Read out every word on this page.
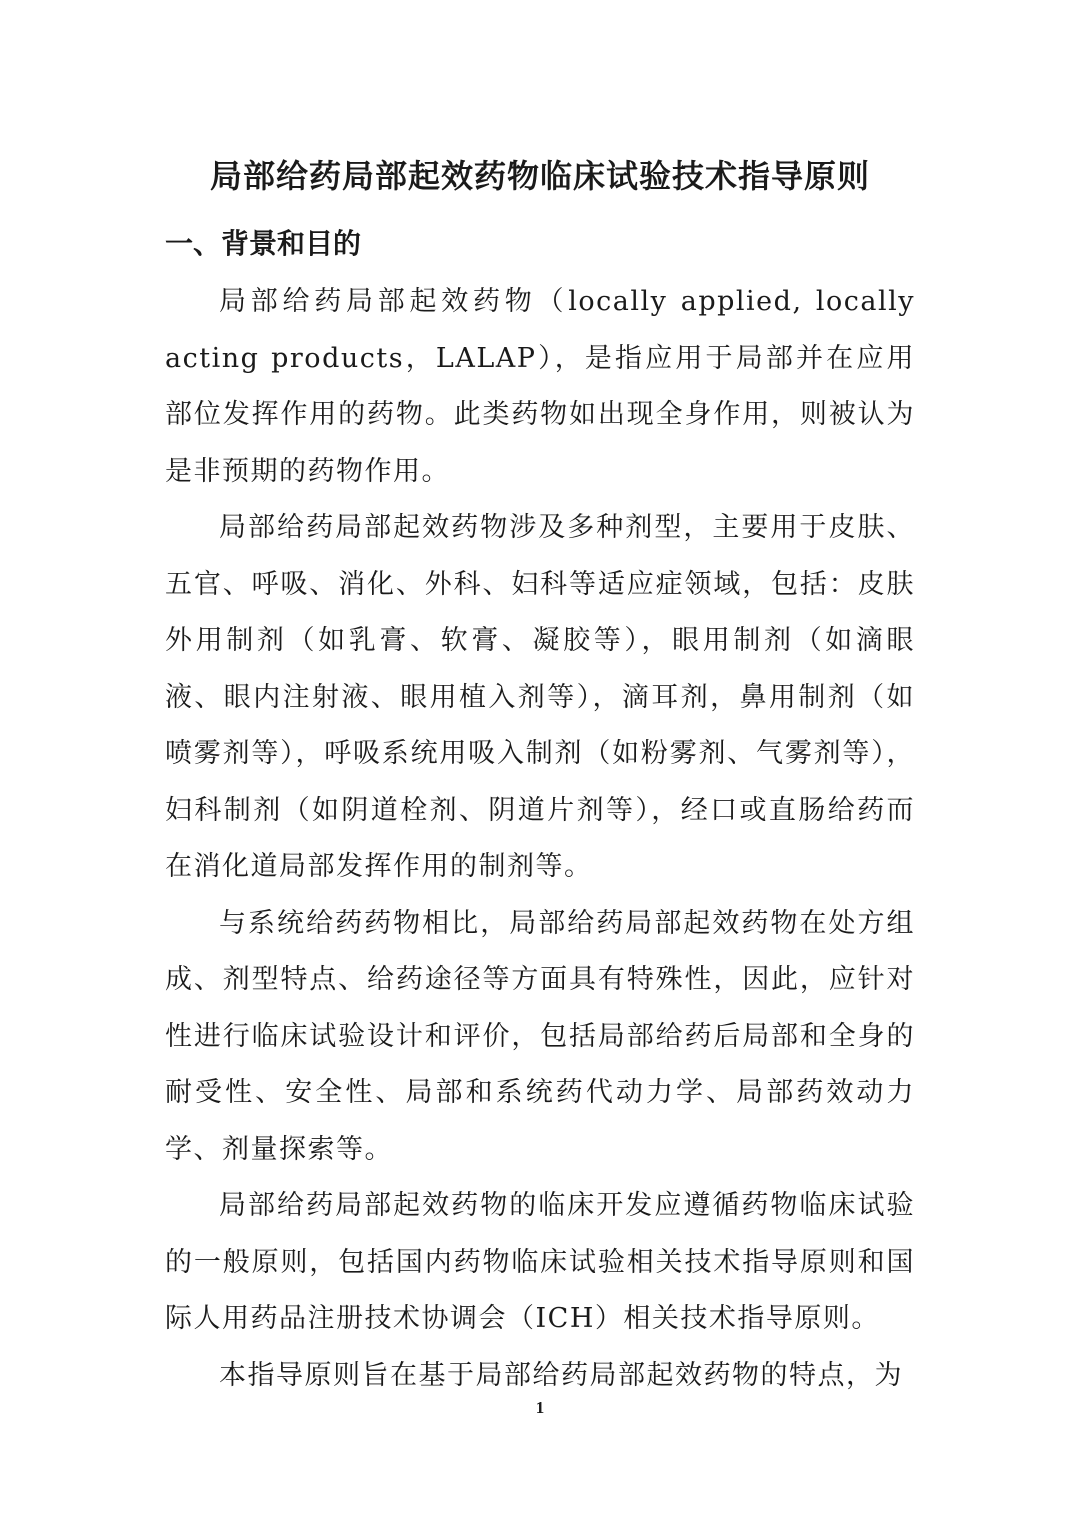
局部给药局部起效药物临床试验技术指导原则
一、背景和目的

局部给药局部起效药物（locally applied, locally acting products，LALAP），是指应用于局部并在应用部位发挥作用的药物。此类药物如出现全身作用，则被认为是非预期的药物作用。

局部给药局部起效药物涉及多种剂型，主要用于皮肤、五官、呼吸、消化、外科、妇科等适应症领域，包括：皮肤外用制剂（如乳膏、软膏、凝胶等），眼用制剂（如滴眼液、眼内注射液、眼用植入剂等），滴耳剂，鼻用制剂（如喷雾剂等），呼吸系统用吸入制剂（如粉雾剂、气雾剂等），妇科制剂（如阴道栓剂、阴道片剂等），经口或直肠给药而在消化道局部发挥作用的制剂等。

与系统给药药物相比，局部给药局部起效药物在处方组成、剂型特点、给药途径等方面具有特殊性，因此，应针对性进行临床试验设计和评价，包括局部给药后局部和全身的耐受性、安全性、局部和系统药代动力学、局部药效动力学、剂量探索等。

局部给药局部起效药物的临床开发应遵循药物临床试验的一般原则，包括国内药物临床试验相关技术指导原则和国际人用药品注册技术协调会（ICH）相关技术指导原则。

本指导原则旨在基于局部给药局部起效药物的特点，为

1
